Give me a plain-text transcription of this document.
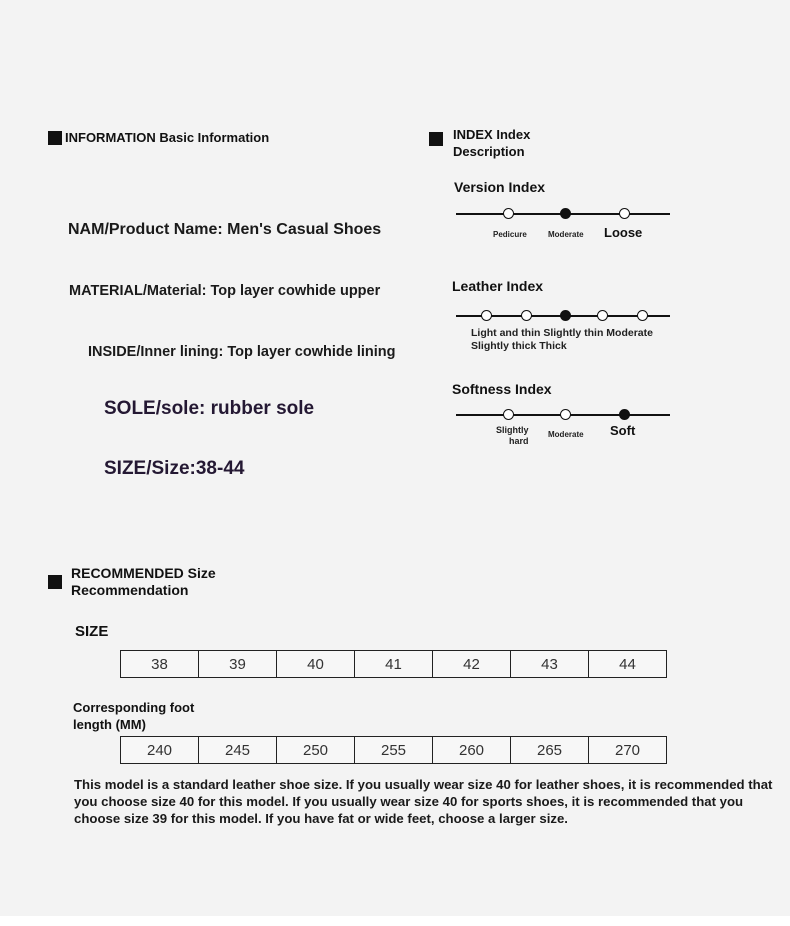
INFORMATION Basic Information
NAM/Product Name: Men's Casual Shoes
MATERIAL/Material: Top layer cowhide upper
INSIDE/Inner lining: Top layer cowhide lining
SOLE/sole: rubber sole
SIZE/Size:38-44
INDEX Index
Description
Version Index
Pedicure	Moderate Loose
Leather Index
Light and thin Slightly thin Moderate
Slightly thick Thick
Softness Index
Slightly
hard
Moderate Soft
RECOMMENDED Size
Recommendation
SIZE
38	39	40	41	42	43	44
Corresponding foot
length (MM)
240	245	250	255	260	265	270
This model is a standard leather shoe size. If you usually wear size 40 for leather shoes, it is recommended that you choose size 40 for this model. If you usually wear size 40 for sports shoes, it is recommended that you choose size 39 for this model. If you have fat or wide feet, choose a larger size.
